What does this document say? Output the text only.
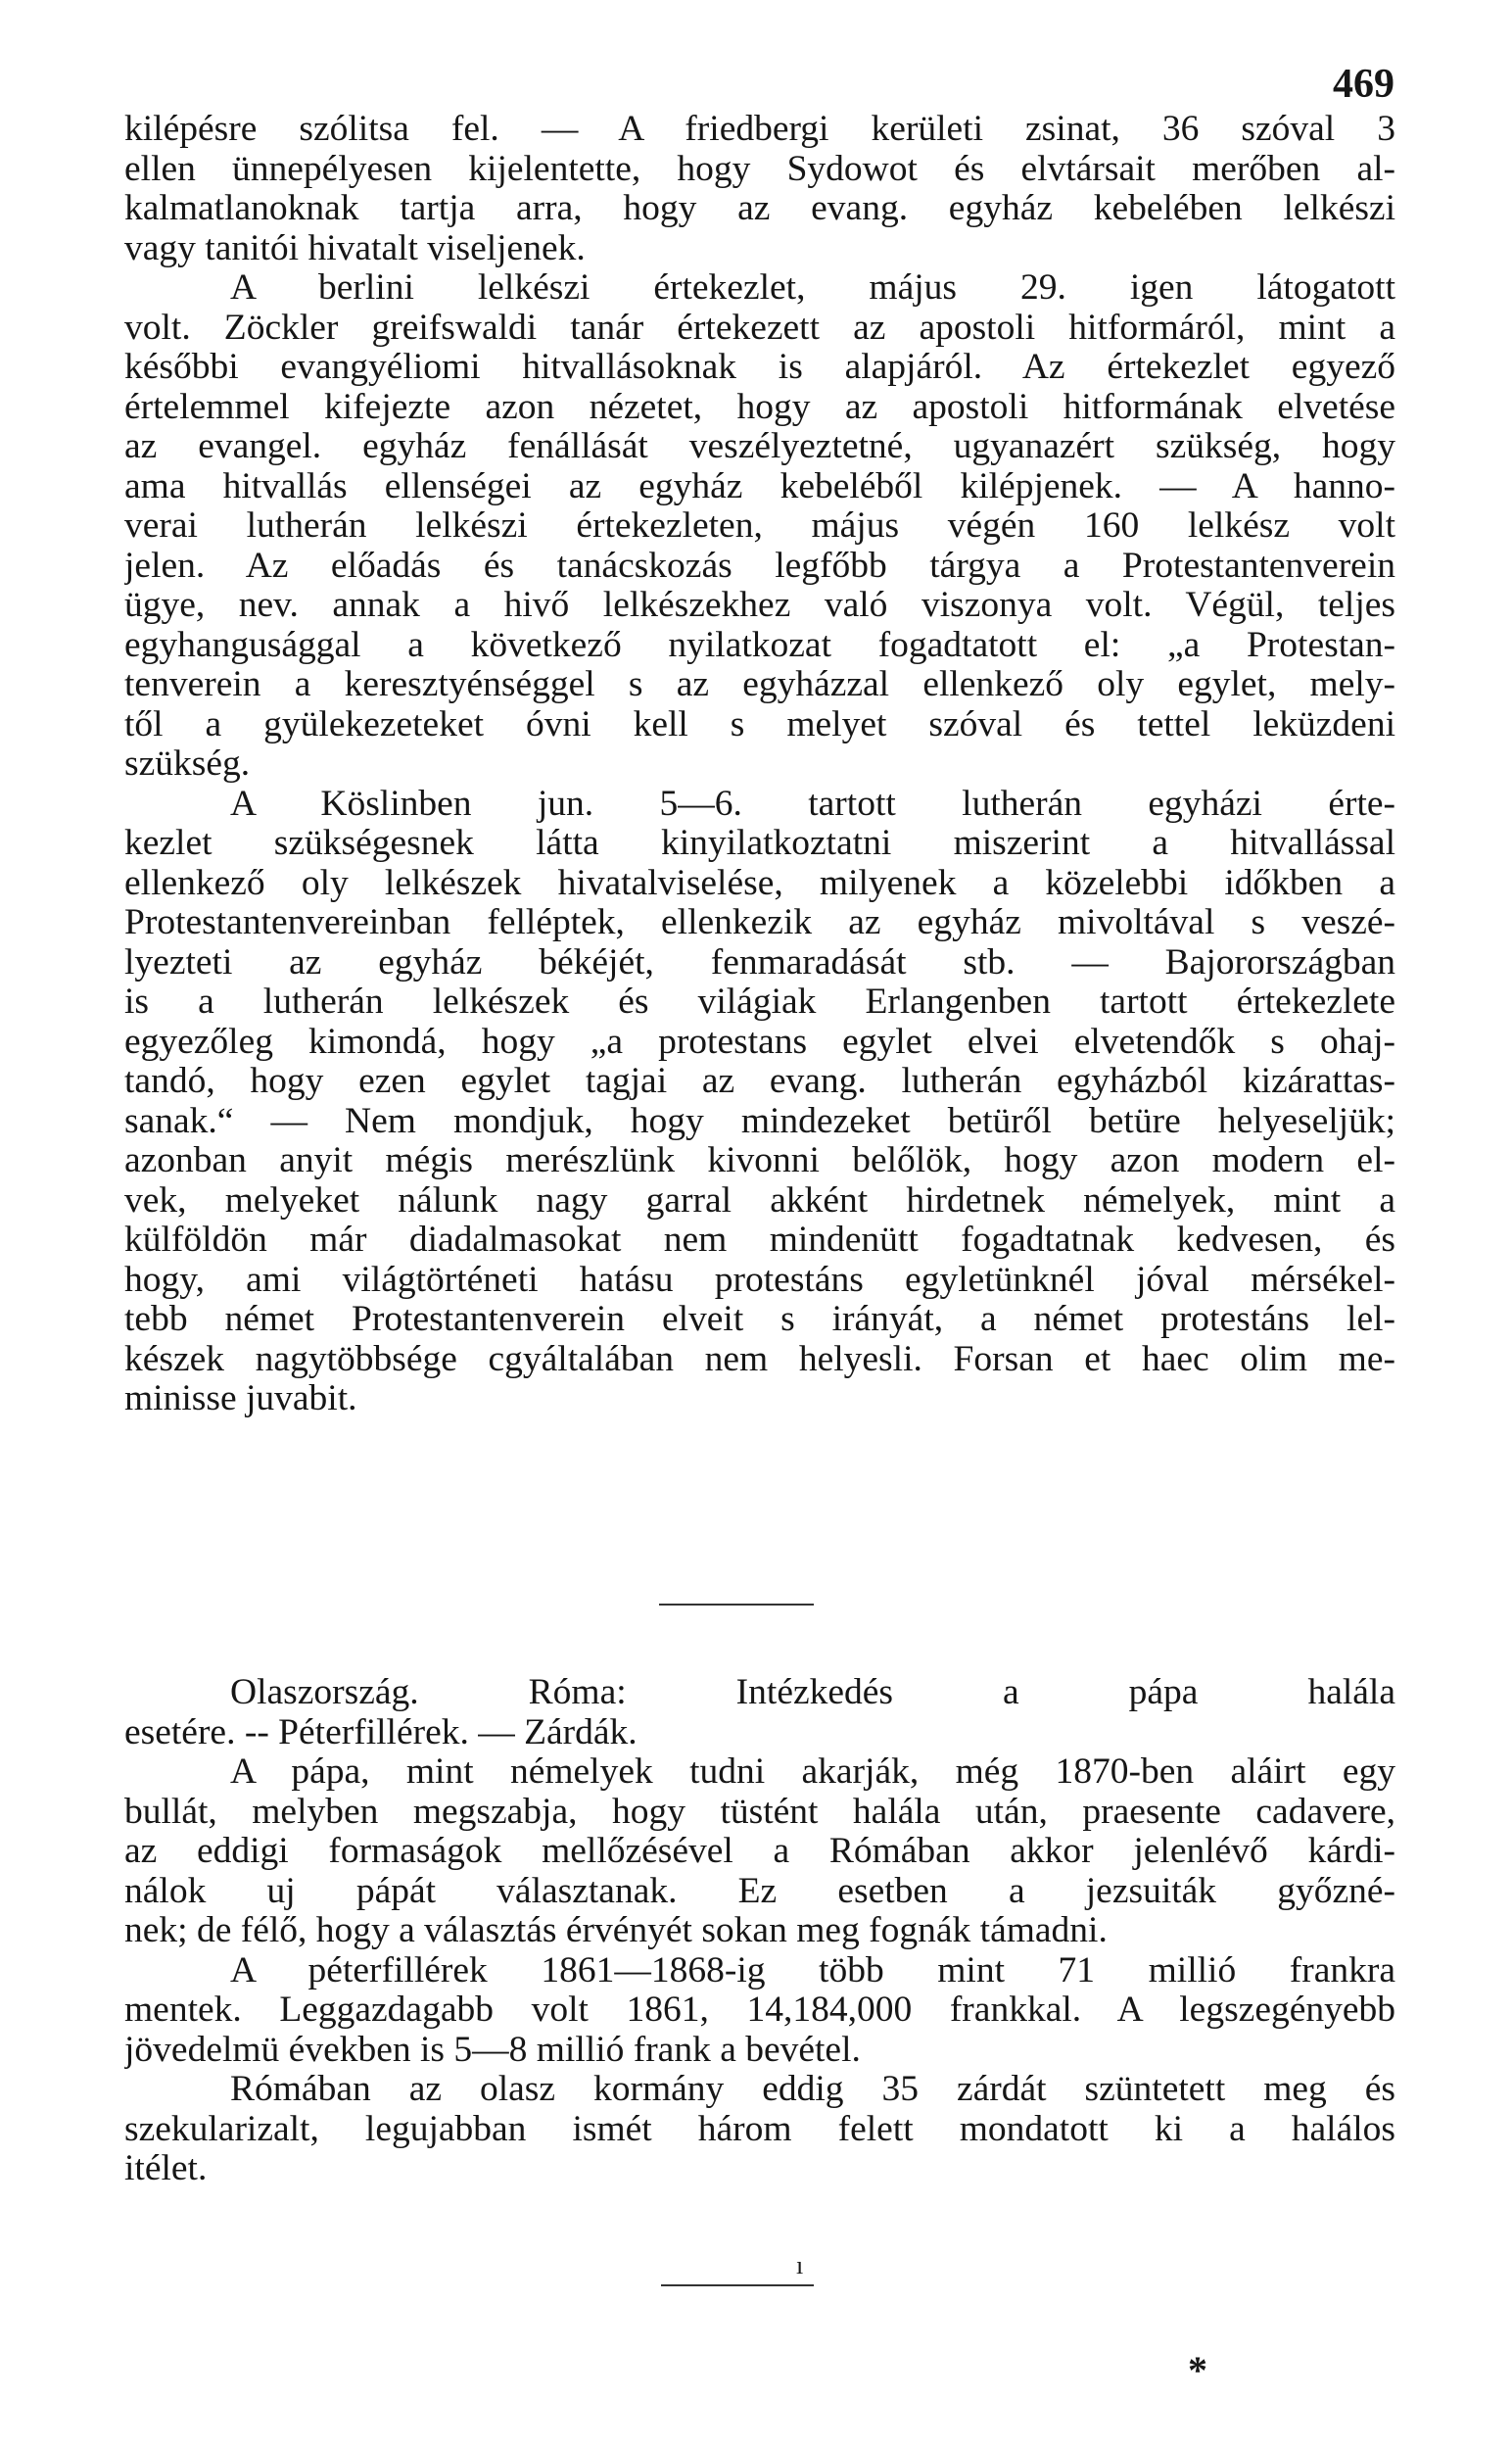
469
kilépésre szólitsa fel. — A friedbergi kerületi zsinat, 36 szóval 3
ellen ünnepélyesen kijelentette, hogy Sydowot és elvtársait merőben al-
kalmatlanoknak tartja arra, hogy az evang. egyház kebelében lelkészi
vagy tanitói hivatalt viseljenek.
A berlini lelkészi értekezlet, május 29. igen látogatott
volt. Zöckler greifswaldi tanár értekezett az apostoli hitformáról, mint a
későbbi evangyéliomi hitvallásoknak is alapjáról. Az értekezlet egyező
értelemmel kifejezte azon nézetet, hogy az apostoli hitformának elvetése
az evangel. egyház fenállását veszélyeztetné, ugyanazért szükség, hogy
ama hitvallás ellenségei az egyház kebeléből kilépjenek. — A hanno-
verai lutherán lelkészi értekezleten, május végén 160 lelkész volt
jelen. Az előadás és tanácskozás legfőbb tárgya a Protestantenverein
ügye, nev. annak a hivő lelkészekhez való viszonya volt. Végül, teljes
egyhangusággal a következő nyilatkozat fogadtatott el: „a Protestan-
tenverein a keresztyénséggel s az egyházzal ellenkező oly egylet, mely-
től a gyülekezeteket óvni kell s melyet szóval és tettel leküzdeni
szükség.
A Köslinben jun. 5—6. tartott lutherán egyházi érte-
kezlet szükségesnek látta kinyilatkoztatni miszerint a hitvallással
ellenkező oly lelkészek hivatalviselése, milyenek a közelebbi időkben a
Protestantenvereinban felléptek, ellenkezik az egyház mivoltával s veszé-
lyezteti az egyház békéjét, fenmaradását stb. — Bajorországban
is a lutherán lelkészek és világiak Erlangenben tartott értekezlete
egyezőleg kimondá, hogy „a protestans egylet elvei elvetendők s ohaj-
tandó, hogy ezen egylet tagjai az evang. lutherán egyházból kizárattas-
sanak.“ — Nem mondjuk, hogy mindezeket betüről betüre helyeseljük;
azonban anyit mégis merészlünk kivonni belőlök, hogy azon modern el-
vek, melyeket nálunk nagy garral akként hirdetnek némelyek, mint a
külföldön már diadalmasokat nem mindenütt fogadtatnak kedvesen, és
hogy, ami világtörténeti hatásu protestáns egyletünknél jóval mérsékel-
tebb német Protestantenverein elveit s irányát, a német protestáns lel-
készek nagytöbbsége cgyáltalában nem helyesli. Forsan et haec olim me-
minisse juvabit.
Olaszország. Róma: Intézkedés a pápa halála
esetére. -- Péterfillérek. — Zárdák.
A pápa, mint némelyek tudni akarják, még 1870-ben aláirt egy
bullát, melyben megszabja, hogy tüstént halála után, praesente cadavere,
az eddigi formaságok mellőzésével a Rómában akkor jelenlévő kárdi-
nálok uj pápát választanak. Ez esetben a jezsuiták győzné-
nek; de félő, hogy a választás érvényét sokan meg fognák támadni.
A péterfillérek 1861—1868-ig több mint 71 millió frankra
mentek. Leggazdagabb volt 1861, 14,184,000 frankkal. A legszegényebb
jövedelmü években is 5—8 millió frank a bevétel.
Rómában az olasz kormány eddig 35 zárdát szüntetett meg és
szekularizalt, legujabban ismét három felett mondatott ki a halálos
itélet.
ı
*
